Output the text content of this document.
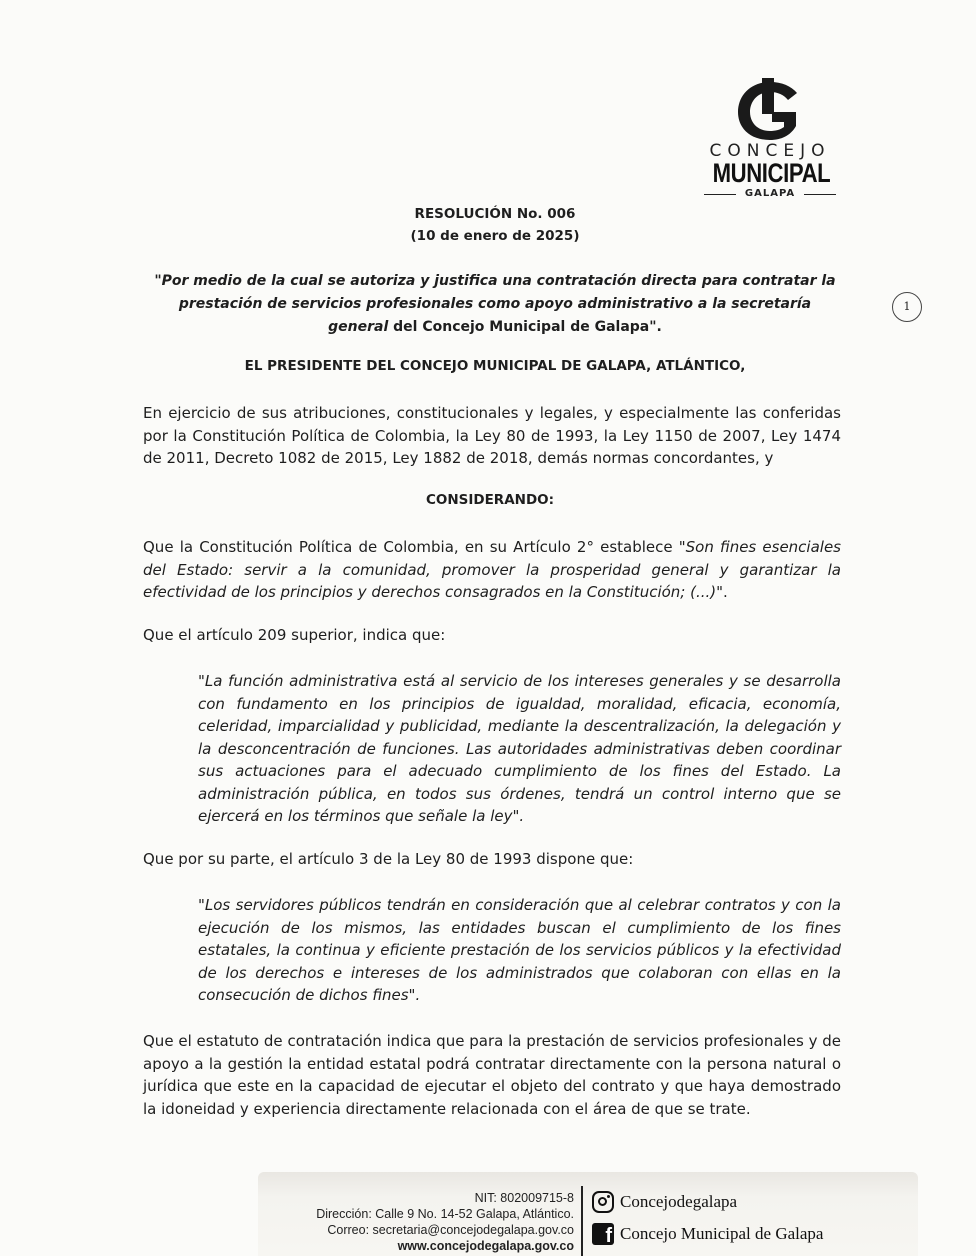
CONCEJO
MUNICIPAL
GALAPA
1
RESOLUCIÓN No. 006
(10 de enero de 2025)
"Por medio de la cual se autoriza y justifica una contratación directa para contratar la prestación de servicios profesionales como apoyo administrativo a la secretaría general del Concejo Municipal de Galapa".
EL PRESIDENTE DEL CONCEJO MUNICIPAL DE GALAPA, ATLÁNTICO,
En ejercicio de sus atribuciones, constitucionales y legales, y especialmente las conferidas por la Constitución Política de Colombia, la Ley 80 de 1993, la Ley 1150 de 2007, Ley 1474 de 2011, Decreto 1082 de 2015, Ley 1882 de 2018, demás normas concordantes, y
CONSIDERANDO:
Que la Constitución Política de Colombia, en su Artículo 2° establece "Son fines esenciales del Estado: servir a la comunidad, promover la prosperidad general y garantizar la efectividad de los principios y derechos consagrados en la Constitución; (...)".
Que el artículo 209 superior, indica que:
"La función administrativa está al servicio de los intereses generales y se desarrolla con fundamento en los principios de igualdad, moralidad, eficacia, economía, celeridad, imparcialidad y publicidad, mediante la descentralización, la delegación y la desconcentración de funciones. Las autoridades administrativas deben coordinar sus actuaciones para el adecuado cumplimiento de los fines del Estado. La administración pública, en todos sus órdenes, tendrá un control interno que se ejercerá en los términos que señale la ley".
Que por su parte, el artículo 3 de la Ley 80 de 1993 dispone que:
"Los servidores públicos tendrán en consideración que al celebrar contratos y con la ejecución de los mismos, las entidades buscan el cumplimiento de los fines estatales, la continua y eficiente prestación de los servicios públicos y la efectividad de los derechos e intereses de los administrados que colaboran con ellas en la consecución de dichos fines".
Que el estatuto de contratación indica que para la prestación de servicios profesionales y de apoyo a la gestión la entidad estatal podrá contratar directamente con la persona natural o jurídica que este en la capacidad de ejecutar el objeto del contrato y que haya demostrado la idoneidad y experiencia directamente relacionada con el área de que se trate.
NIT: 802009715-8
Dirección: Calle 9 No. 14-52 Galapa, Atlántico.
Correo: secretaria@concejodegalapa.gov.co
www.concejodegalapa.gov.co
Concejodegalapa
f Concejo Municipal de Galapa
